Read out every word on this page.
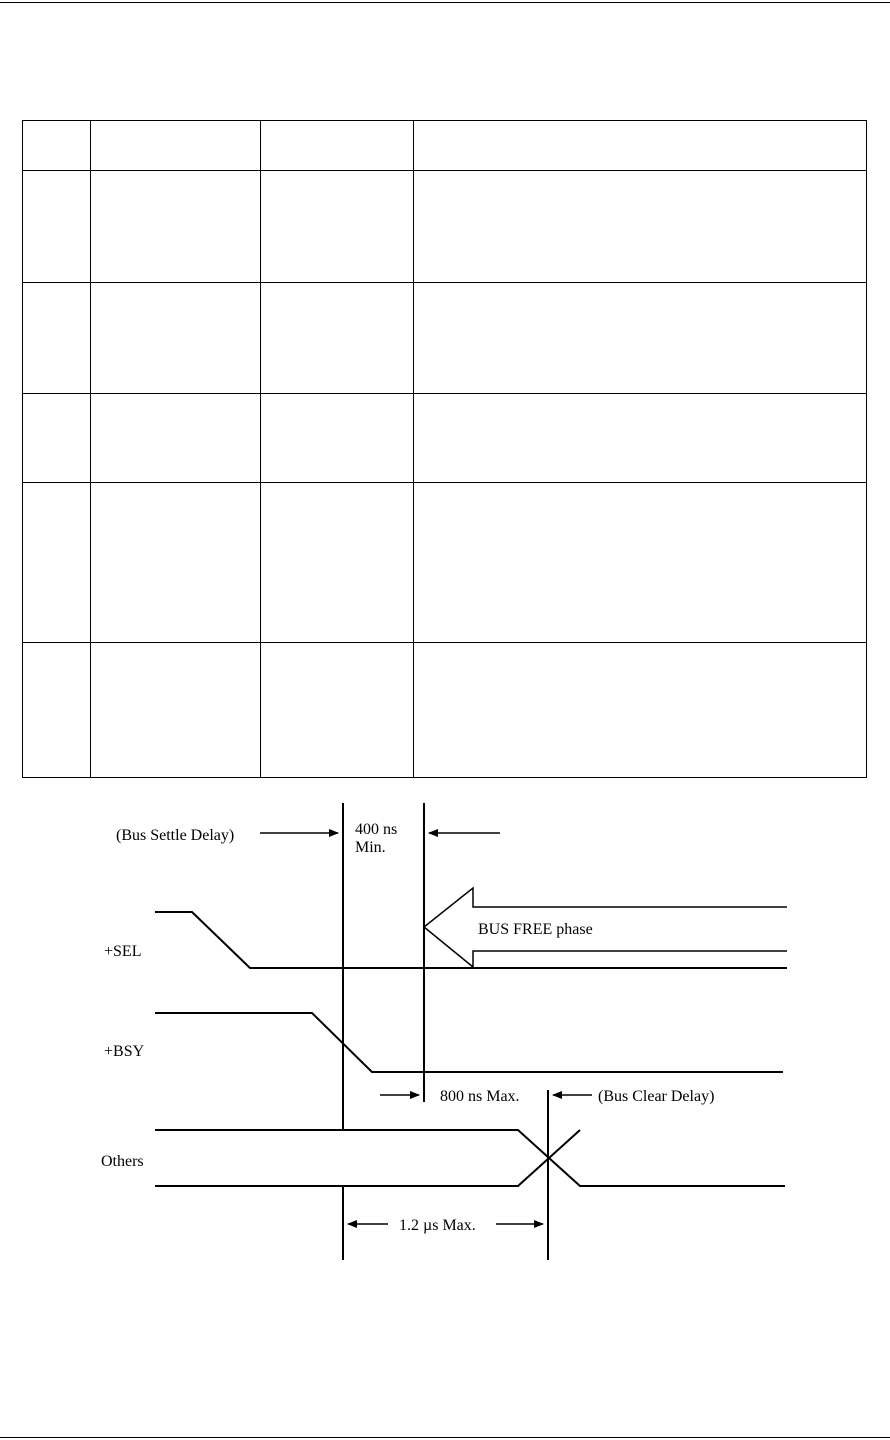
(Bus Settle Delay)	400 ns
Min.
BUS FREE phase
+SEL
+BSY
800 ns Max.	(Bus Clear Delay)
Others
1.2 µs Max.
